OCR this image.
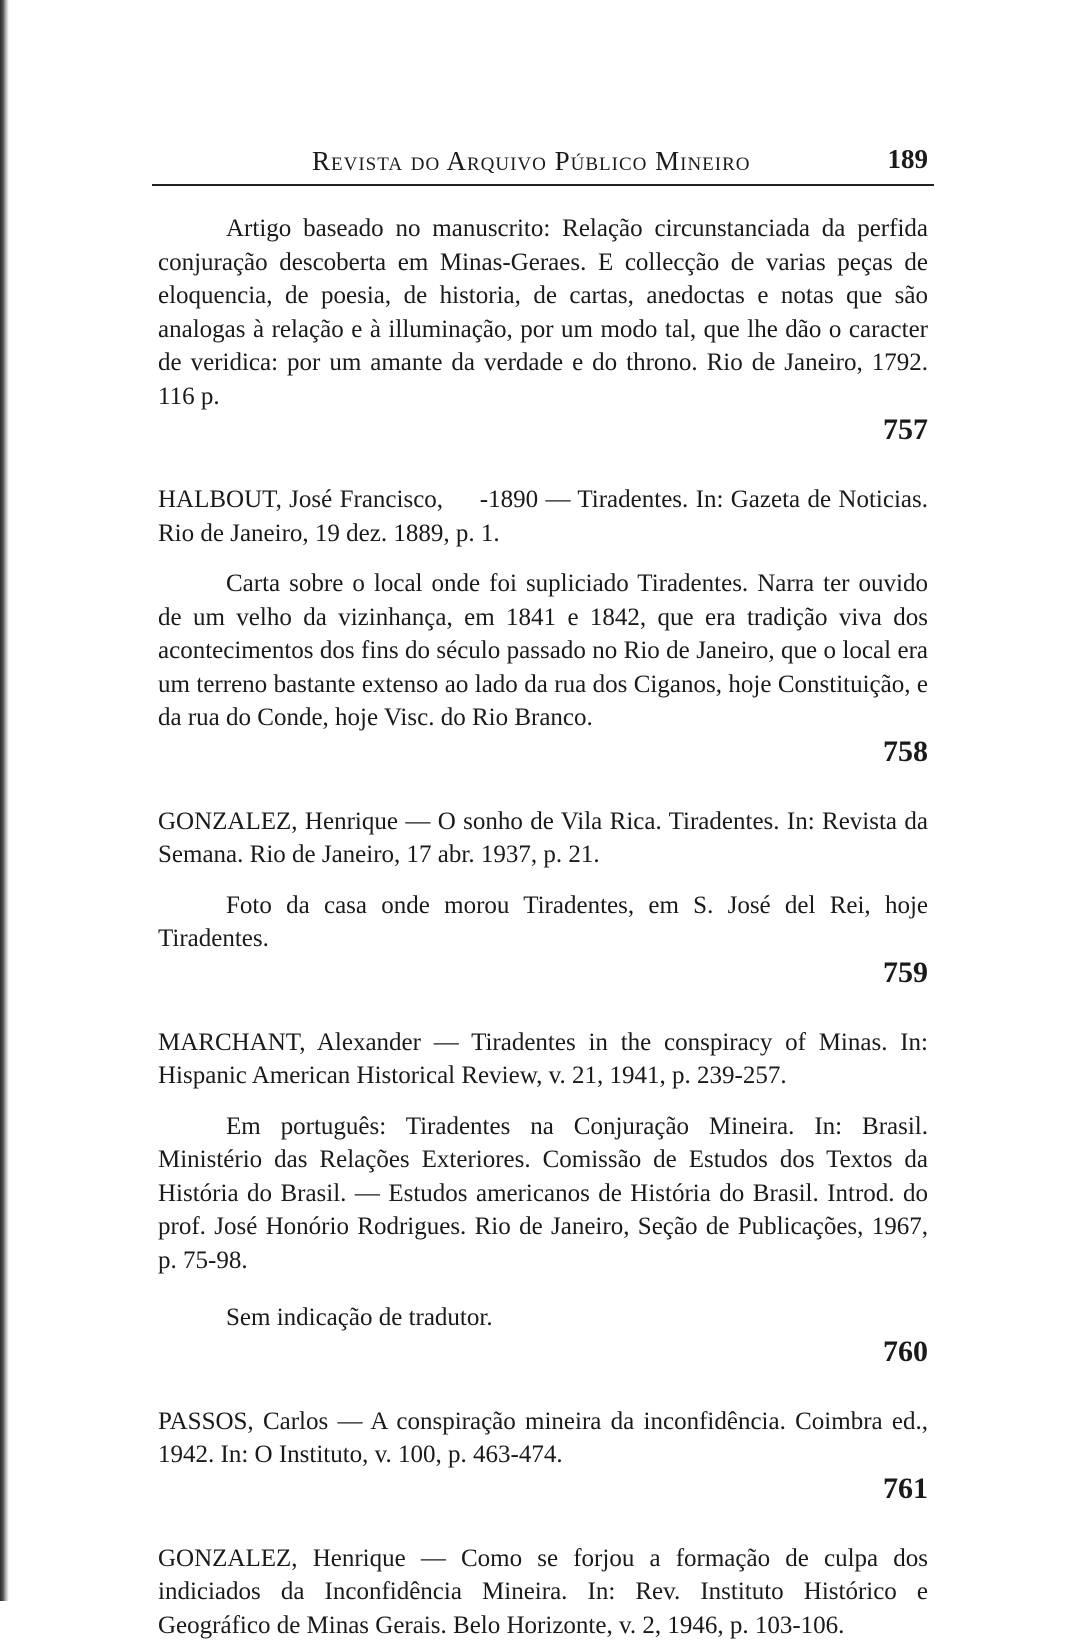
Revista do Arquivo Público Mineiro	189

Artigo baseado no manuscrito: Relação circunstanciada da perfida conjuração descoberta em Minas-Geraes. E collecção de varias peças de eloquencia, de poesia, de historia, de cartas, anedoctas e notas que são analogas à relação e à illuminação, por um modo tal, que lhe dão o caracter de veridica: por um amante da verdade e do throno. Rio de Janeiro, 1792. 116 p.

757

HALBOUT, José Francisco,     -1890 — Tiradentes. In: Gazeta de Noticias. Rio de Janeiro, 19 dez. 1889, p. 1.

Carta sobre o local onde foi supliciado Tiradentes. Narra ter ouvido de um velho da vizinhança, em 1841 e 1842, que era tradição viva dos acontecimentos dos fins do século passado no Rio de Janeiro, que o local era um terreno bastante extenso ao lado da rua dos Ciganos, hoje Constituição, e da rua do Conde, hoje Visc. do Rio Branco.

758

GONZALEZ, Henrique — O sonho de Vila Rica. Tiradentes. In: Revista da Semana. Rio de Janeiro, 17 abr. 1937, p. 21.

Foto da casa onde morou Tiradentes, em S. José del Rei, hoje Tiradentes.

759

MARCHANT, Alexander — Tiradentes in the conspiracy of Minas. In: Hispanic American Historical Review, v. 21, 1941, p. 239-257.

Em português: Tiradentes na Conjuração Mineira. In: Brasil. Ministério das Relações Exteriores. Comissão de Estudos dos Textos da História do Brasil. — Estudos americanos de História do Brasil. Introd. do prof. José Honório Rodrigues. Rio de Janeiro, Seção de Publicações, 1967, p. 75-98.

Sem indicação de tradutor.

760

PASSOS, Carlos — A conspiração mineira da inconfidência. Coimbra ed., 1942. In: O Instituto, v. 100, p. 463-474.

761

GONZALEZ, Henrique — Como se forjou a formação de culpa dos indiciados da Inconfidência Mineira. In: Rev. Instituto Histórico e Geográfico de Minas Gerais. Belo Horizonte, v. 2, 1946, p. 103-106.
